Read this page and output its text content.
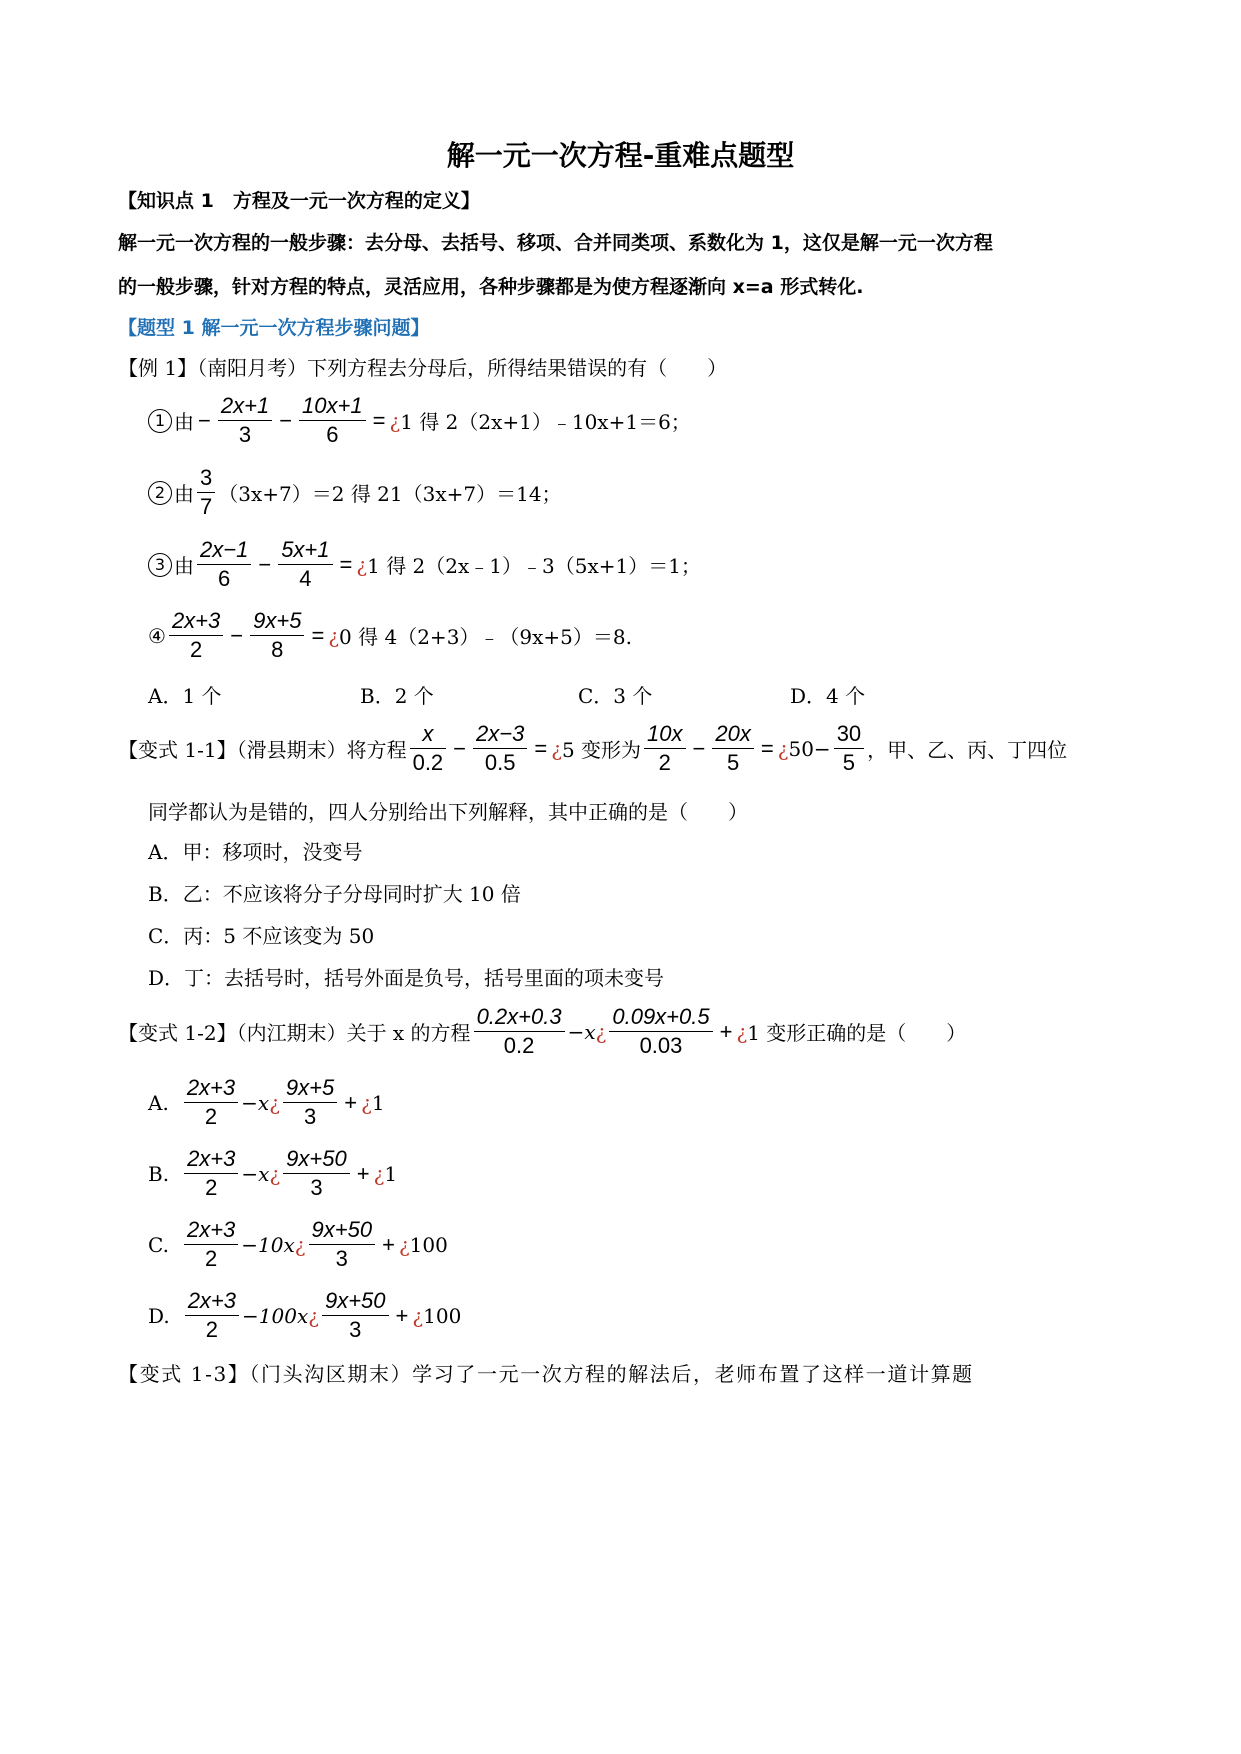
解一元一次方程-重难点题型
【知识点 1　方程及一元一次方程的定义】
解一元一次方程的一般步骤：去分母、去括号、移项、合并同类项、系数化为 1，这仅是解一元一次方程
的一般步骤，针对方程的特点，灵活应用，各种步骤都是为使方程逐渐向 x=a 形式转化.
【题型 1 解一元一次方程步骤问题】
【例 1】（南阳月考）下列方程去分母后，所得结果错误的有（　　）
1 由 − $\frac{2x+1}{3} - \frac{10x+1}{6}$ = ¿ 1 得 2（2x+1）﹣10x+1＝6；
2 由 $\frac{3}{7} (3x+7)=2$ 得 21（3x+7）＝14；
3 由 $\frac{2x-1}{6} - \frac{5x+1}{4}$ = ¿ 1 得 2（2x﹣1）﹣3（5x+1）＝1；
④ $\frac{2x+3}{2} - \frac{9x+5}{8}$ = ¿ 0 得 4（2+3）﹣（9x+5）＝8.
A．1 个	B．2 个	C．3 个	D．4 个
【变式 1-1】（滑县期末）将方程 $\frac{x}{0.2} - \frac{2x-3}{0.5}$ = ¿ 5 变形为 $\frac{10x}{2} - \frac{20x}{5}$ = ¿ $50- \frac{30}{5}$ ，甲、乙、丙、丁四位
同学都认为是错的，四人分别给出下列解释，其中正确的是（　　）
A．甲：移项时，没变号
B．乙：不应该将分子分母同时扩大 10 倍
C．丙：5 不应该变为 50
D．丁：去括号时，括号外面是负号，括号里面的项未变号
【变式 1-2】（内江期末）关于 x 的方程 $\frac{0.2x+0.3}{0.2} -x$ ¿ $\frac{0.09x+0.5}{0.03}$ + ¿ 1 变形正确的是（　　）
A. $\frac{2x+3}{2} -x$ ¿ $\frac{9x+5}{3}$ + ¿ 1
B. $\frac{2x+3}{2} -x$ ¿ $\frac{9x+50}{3}$ + ¿ 1
C. $\frac{2x+3}{2} -10x$ ¿ $\frac{9x+50}{3}$ + ¿ 100
D. $\frac{2x+3}{2} -100x$ ¿ $\frac{9x+50}{3}$ + ¿ 100
【变式 1-3】（门头沟区期末）学习了一元一次方程的解法后，老师布置了这样一道计算题
